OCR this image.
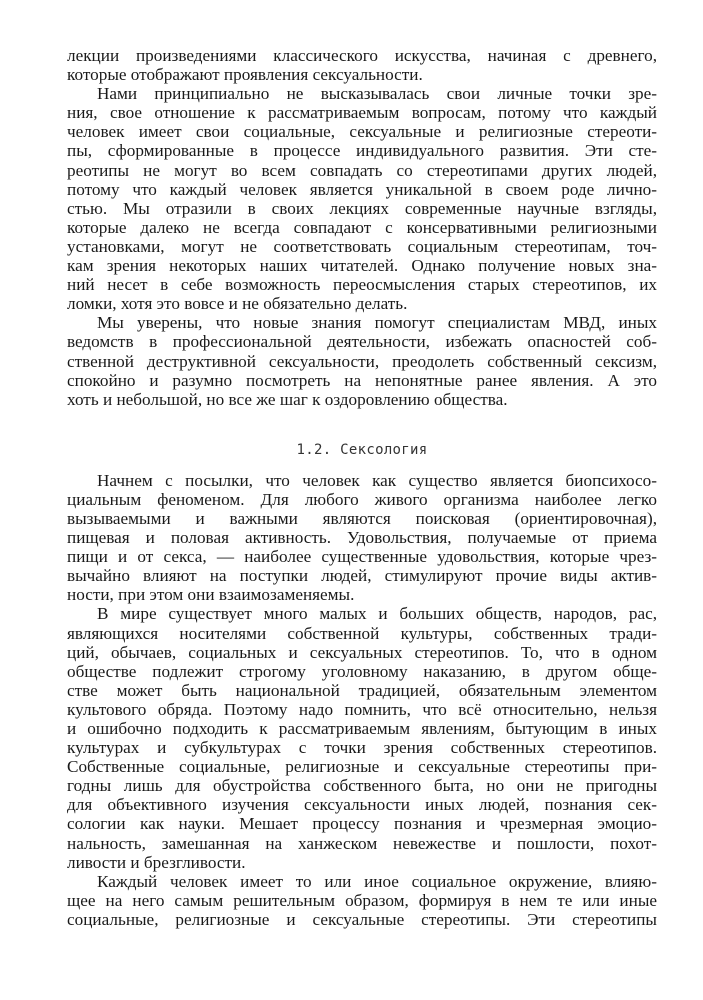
лекции произведениями классического искусства, начиная с древнего,
которые отображают проявления сексуальности.
Нами принципиально не высказывалась свои личные точки зре-
ния, свое отношение к рассматриваемым вопросам, потому что каждый
человек имеет свои социальные, сексуальные и религиозные стереоти-
пы, сформированные в процессе индивидуального развития. Эти сте-
реотипы не могут во всем совпадать со стереотипами других людей,
потому что каждый человек является уникальной в своем роде лично-
стью. Мы отразили в своих лекциях современные научные взгляды,
которые далеко не всегда совпадают с консервативными религиозными
установками, могут не соответствовать социальным стереотипам, точ-
кам зрения некоторых наших читателей. Однако получение новых зна-
ний несет в себе возможность переосмысления старых стереотипов, их
ломки, хотя это вовсе и не обязательно делать.
Мы уверены, что новые знания помогут специалистам МВД, иных
ведомств в профессиональной деятельности, избежать опасностей соб-
ственной деструктивной сексуальности, преодолеть собственный сексизм,
спокойно и разумно посмотреть на непонятные ранее явления. А это
хоть и небольшой, но все же шаг к оздоровлению общества.
1.2. Сексология
Начнем с посылки, что человек как существо является биопсихосо-
циальным феноменом. Для любого живого организма наиболее легко
вызываемыми и важными являются поисковая (ориентировочная),
пищевая и половая активность. Удовольствия, получаемые от приема
пищи и от секса, — наиболее существенные удовольствия, которые чрез-
вычайно влияют на поступки людей, стимулируют прочие виды актив-
ности, при этом они взаимозаменяемы.
В мире существует много малых и больших обществ, народов, рас,
являющихся носителями собственной культуры, собственных тради-
ций, обычаев, социальных и сексуальных стереотипов. То, что в одном
обществе подлежит строгому уголовному наказанию, в другом обще-
стве может быть национальной традицией, обязательным элементом
культового обряда. Поэтому надо помнить, что всё относительно, нельзя
и ошибочно подходить к рассматриваемым явлениям, бытующим в иных
культурах и субкультурах с точки зрения собственных стереотипов.
Собственные социальные, религиозные и сексуальные стереотипы при-
годны лишь для обустройства собственного быта, но они не пригодны
для объективного изучения сексуальности иных людей, познания сек-
сологии как науки. Мешает процессу познания и чрезмерная эмоцио-
нальность, замешанная на ханжеском невежестве и пошлости, похот-
ливости и брезгливости.
Каждый человек имеет то или иное социальное окружение, влияю-
щее на него самым решительным образом, формируя в нем те или иные
социальные, религиозные и сексуальные стереотипы. Эти стереотипы
